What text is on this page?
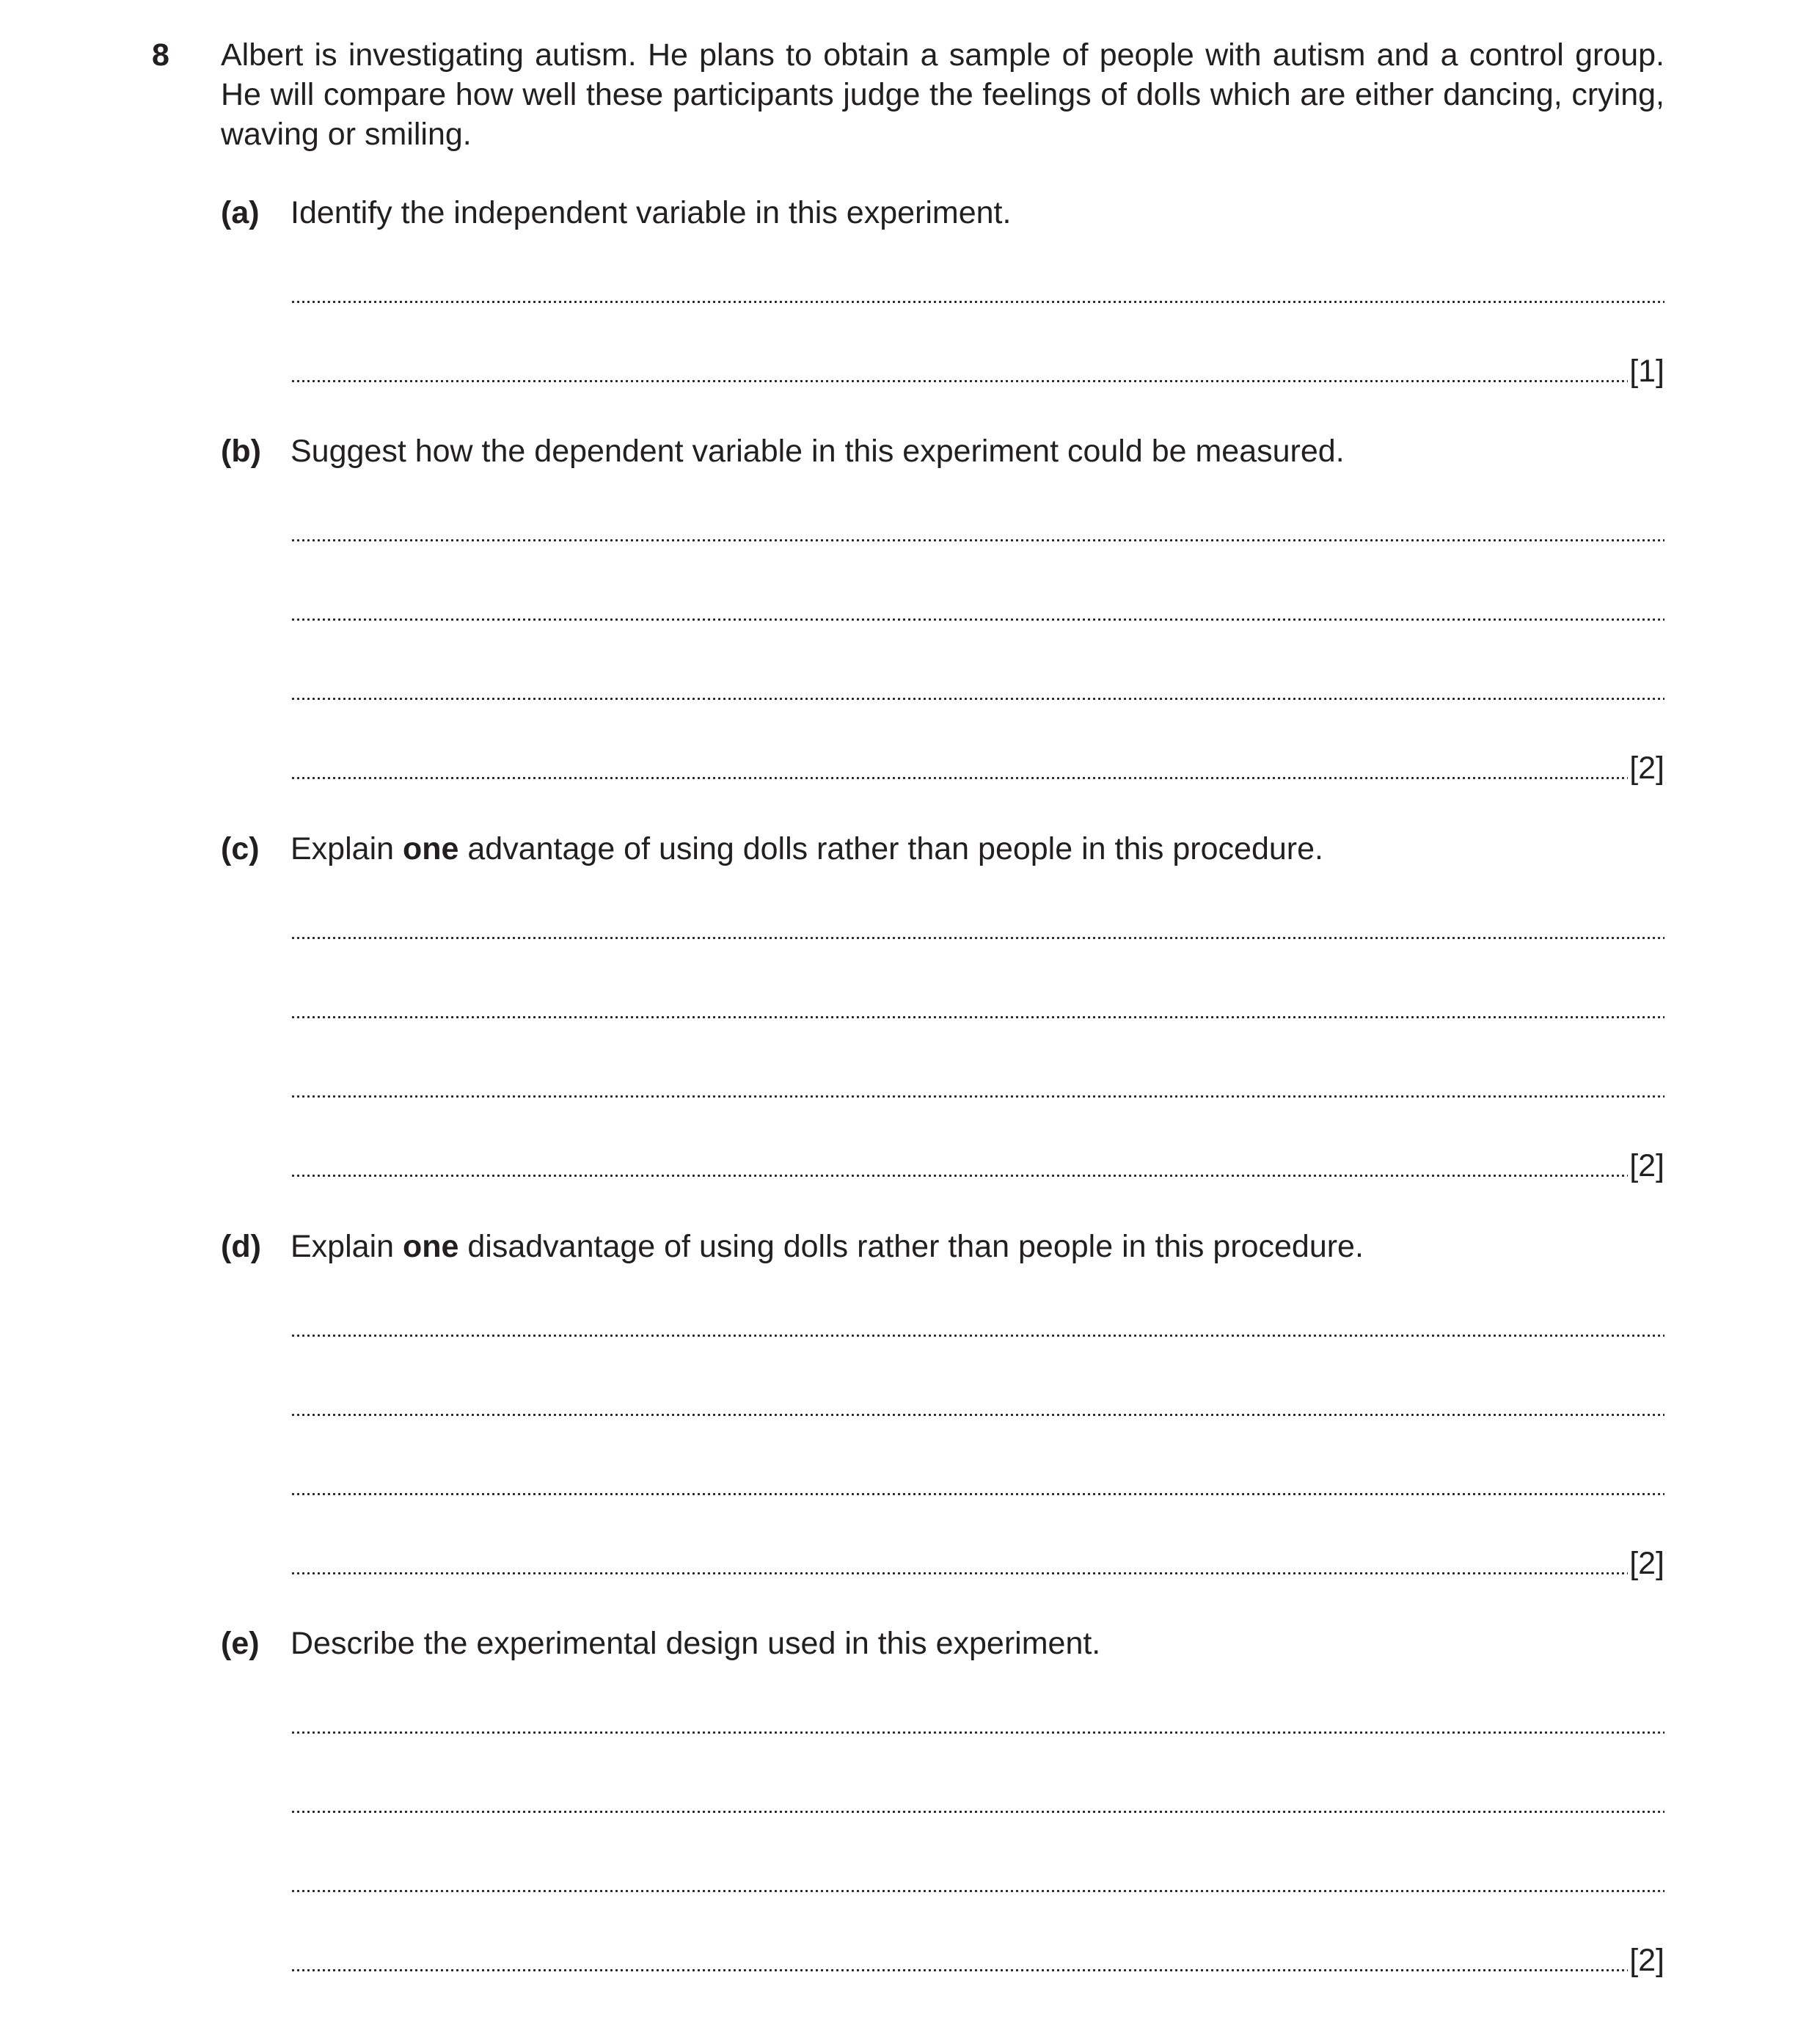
8 Albert is investigating autism. He plans to obtain a sample of people with autism and a control group. He will compare how well these participants judge the feelings of dolls which are either dancing, crying, waving or smiling.
(a) Identify the independent variable in this experiment.
[1]
(b) Suggest how the dependent variable in this experiment could be measured.
[2]
(c) Explain one advantage of using dolls rather than people in this procedure.
[2]
(d) Explain one disadvantage of using dolls rather than people in this procedure.
[2]
(e) Describe the experimental design used in this experiment.
[2]
